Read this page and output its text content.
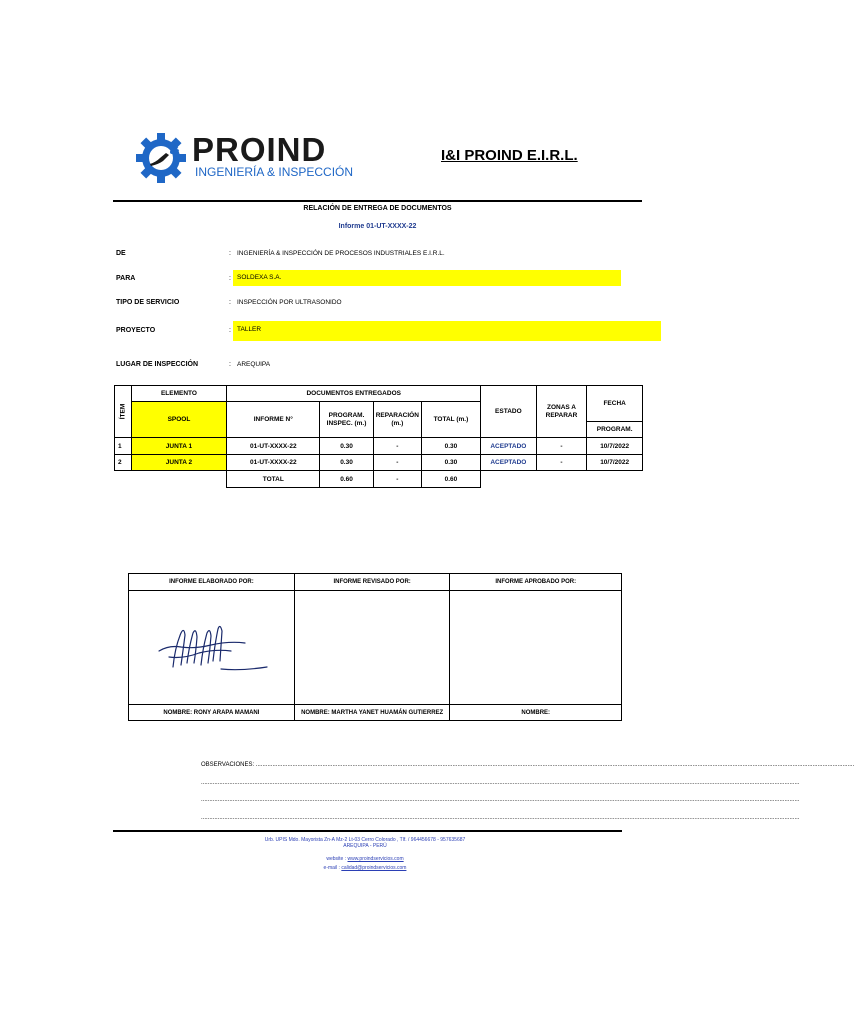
PROIND
INGENIERÍA & INSPECCIÓN
I&I PROIND E.I.R.L.
RELACIÓN DE ENTREGA DE DOCUMENTOS
Informe 01-UT-XXXX-22
DE	: INGENIERÍA & INSPECCIÓN DE PROCESOS INDUSTRIALES E.I.R.L.
PARA	: SOLDEXA S.A.
TIPO DE SERVICIO	: INSPECCIÓN POR ULTRASONIDO
PROYECTO	: TALLER
LUGAR DE INSPECCIÓN	: AREQUIPA
ÍTEM	ELEMENTO	DOCUMENTOS ENTREGADOS				ESTADO	ZONAS A REPARAR	FECHA
	SPOOL	INFORME N°	PROGRAM. INSPEC. (m.)	REPARACIÓN (m.)	TOTAL (m.)			
								PROGRAM.
1	JUNTA 1	01-UT-XXXX-22	0.30	-	0.30	ACEPTADO	-	10/7/2022
2	JUNTA 2	01-UT-XXXX-22	0.30	-	0.30	ACEPTADO	-	10/7/2022
		TOTAL	0.60	-	0.60			
INFORME ELABORADO POR:	INFORME REVISADO POR:	INFORME APROBADO POR:

NOMBRE: RONY ARAPA MAMANI	NOMBRE: MARTHA YANET HUAMÁN GUTIERREZ	NOMBRE:
OBSERVACIONES: .......................................................................................................................................................................................................................................................................................................................................................................
.......................................................................................................................................................................................................................................................................................................................................................................
.......................................................................................................................................................................................................................................................................................................................................................................
.......................................................................................................................................................................................................................................................................................................................................................................
Urb. UPIS Mdo. Mayorista Zn-A Mz-2 Lt-03 Cerro Colorado , Tlf. / 964456678 - 957635687
AREQUIPA - PERÚ
website : www.proindservicios.com
e-mail : calidad@proindservicios.com
